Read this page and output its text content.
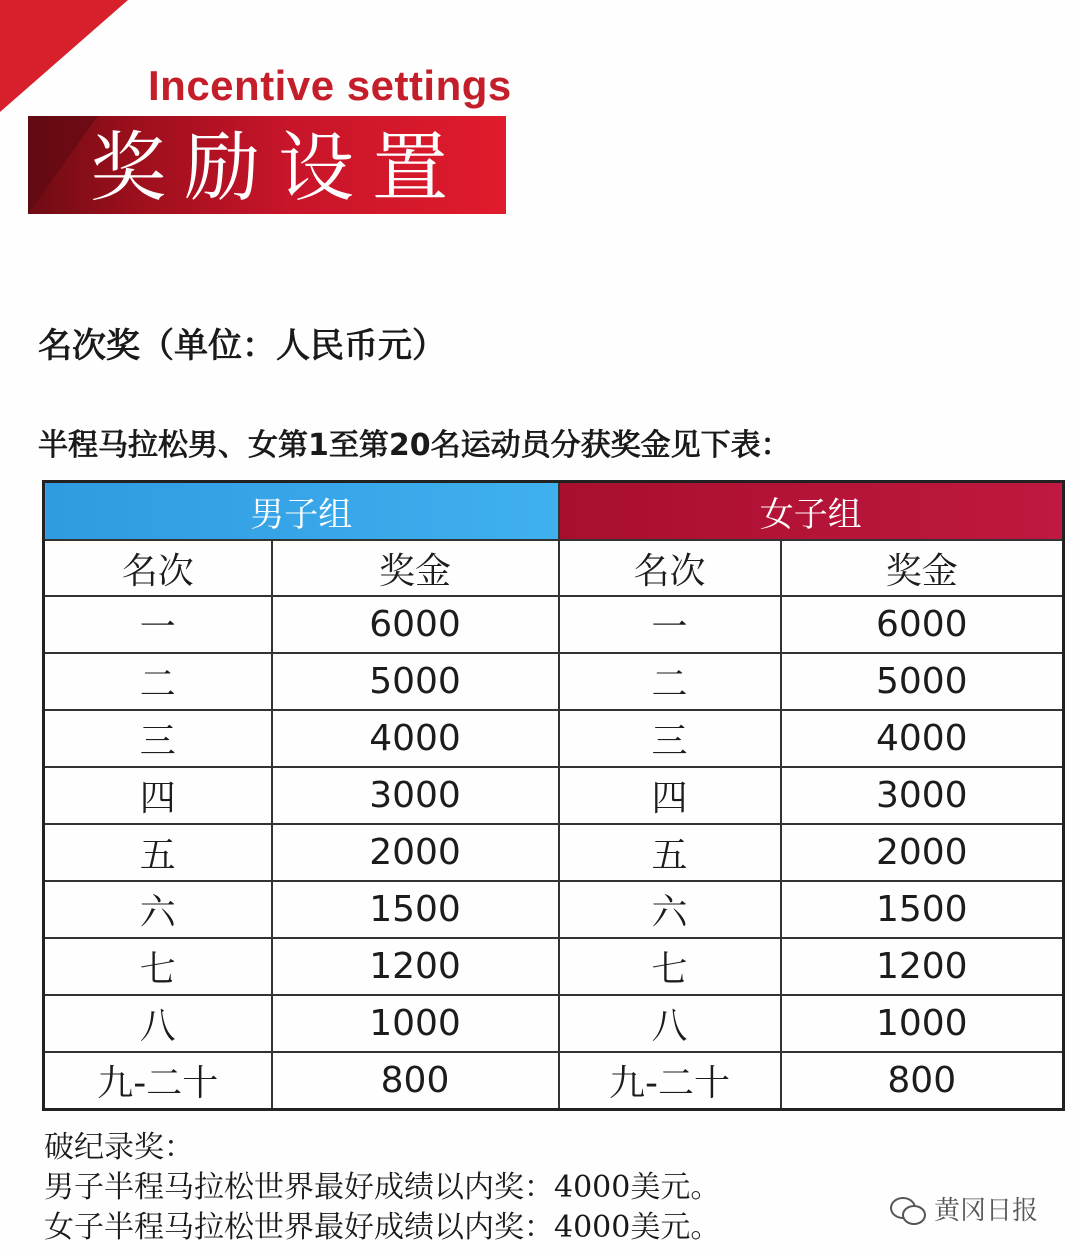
Incentive settings
奖励设置
名次奖（单位：人民币元）
半程马拉松男、女第1至第20名运动员分获奖金见下表：
男子组		女子组	
名次	奖金	名次	奖金
一	6000	一	6000
二	5000	二	5000
三	4000	三	4000
四	3000	四	3000
五	2000	五	2000
六	1500	六	1500
七	1200	七	1200
八	1000	八	1000
九-二十	800	九-二十	800
破纪录奖：
男子半程马拉松世界最好成绩以内奖：4000美元。
女子半程马拉松世界最好成绩以内奖：4000美元。	黄冈日报
